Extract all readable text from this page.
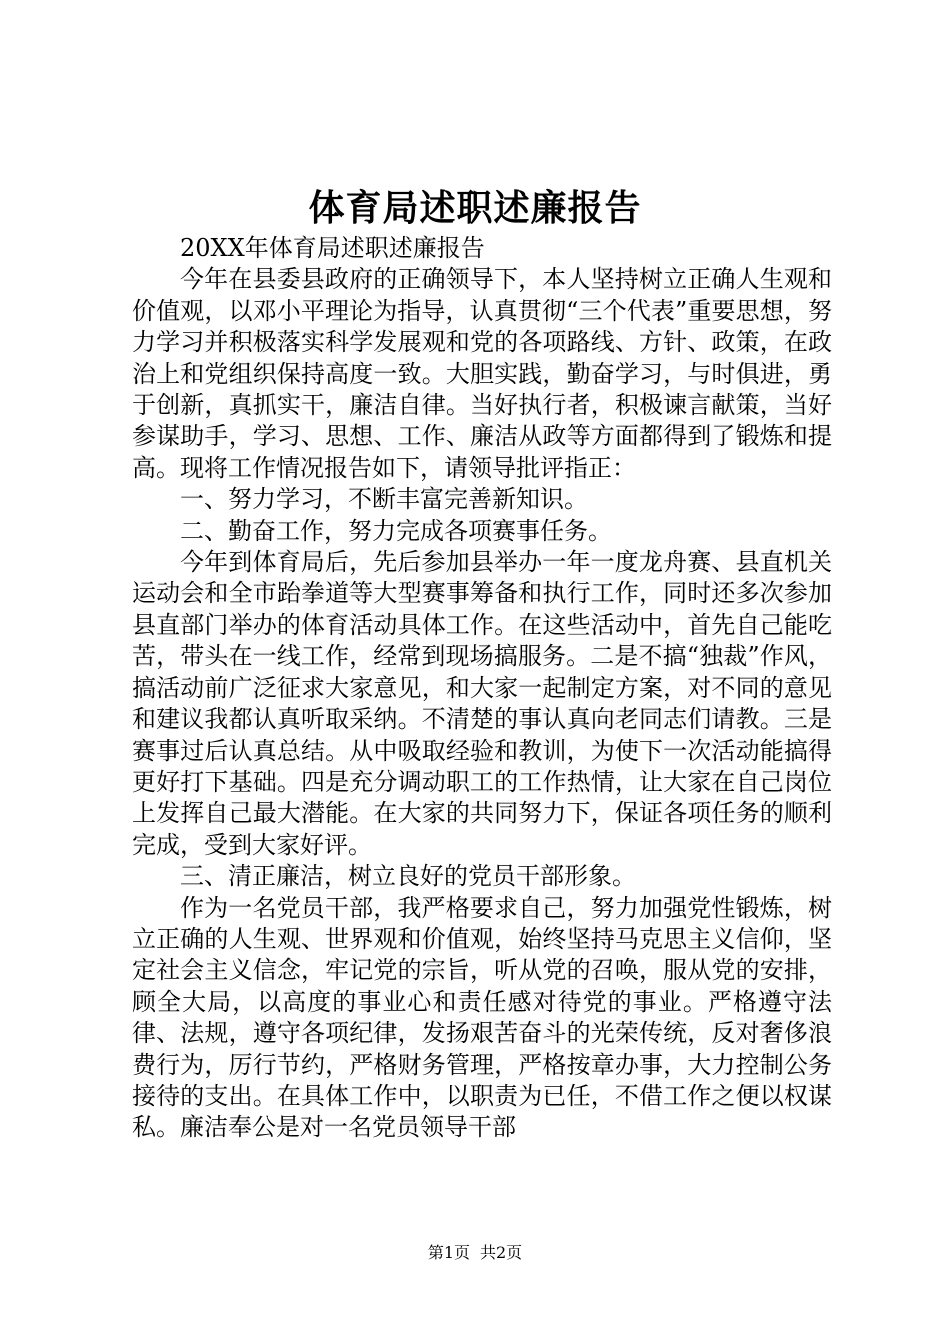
体育局述职述廉报告

20XX年体育局述职述廉报告

今年在县委县政府的正确领导下，本人坚持树立正确人生观和价值观，以邓小平理论为指导，认真贯彻“三个代表”重要思想，努力学习并积极落实科学发展观和党的各项路线、方针、政策，在政治上和党组织保持高度一致。大胆实践，勤奋学习，与时俱进，勇于创新，真抓实干，廉洁自律。当好执行者，积极谏言献策，当好参谋助手，学习、思想、工作、廉洁从政等方面都得到了锻炼和提高。现将工作情况报告如下，请领导批评指正：

一、努力学习，不断丰富完善新知识。

二、勤奋工作，努力完成各项赛事任务。

今年到体育局后，先后参加县举办一年一度龙舟赛、县直机关运动会和全市跆拳道等大型赛事筹备和执行工作，同时还多次参加县直部门举办的体育活动具体工作。在这些活动中，首先自己能吃苦，带头在一线工作，经常到现场搞服务。二是不搞“独裁”作风，搞活动前广泛征求大家意见，和大家一起制定方案，对不同的意见和建议我都认真听取采纳。不清楚的事认真向老同志们请教。三是赛事过后认真总结。从中吸取经验和教训，为使下一次活动能搞得更好打下基础。四是充分调动职工的工作热情，让大家在自己岗位上发挥自己最大潜能。在大家的共同努力下，保证各项任务的顺利完成，受到大家好评。

三、清正廉洁，树立良好的党员干部形象。

作为一名党员干部，我严格要求自己，努力加强党性锻炼，树立正确的人生观、世界观和价值观，始终坚持马克思主义信仰，坚定社会主义信念，牢记党的宗旨，听从党的召唤，服从党的安排，顾全大局，以高度的事业心和责任感对待党的事业。严格遵守法律、法规，遵守各项纪律，发扬艰苦奋斗的光荣传统，反对奢侈浪费行为，厉行节约，严格财务管理，严格按章办事，大力控制公务接待的支出。在具体工作中，以职责为已任，不借工作之便以权谋私。廉洁奉公是对一名党员领导干部

第1页 共2页
